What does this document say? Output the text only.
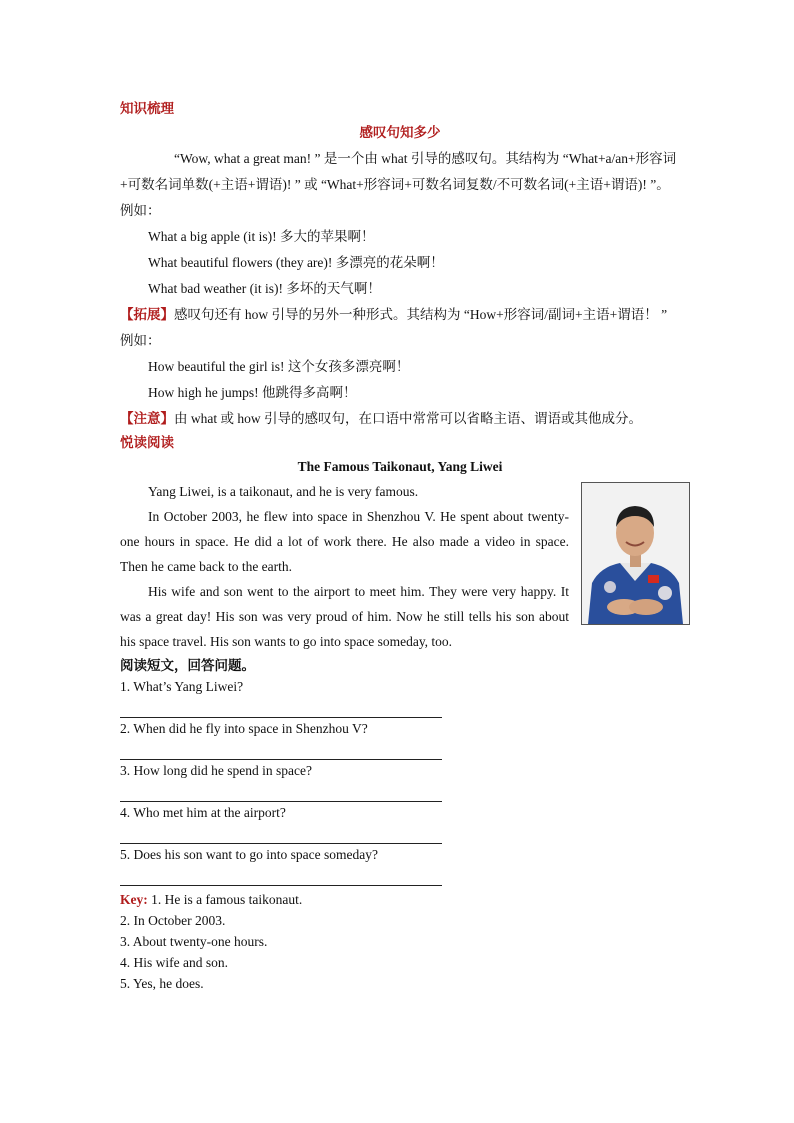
知识梳理
感叹句知多少
“Wow, what a great man! ” 是一个由 what 引导的感叹句。其结构为 “What+a/an+形容词+可数名词单数(+主语+谓语)! ” 或 “What+形容词+可数名词复数/不可数名词(+主语+谓语)! ”。例如：
What a big apple (it is)! 多大的苹果啊！
What beautiful flowers (they are)! 多漂亮的花朵啊！
What bad weather (it is)! 多坏的天气啊！
【拓展】感叹句还有 how 引导的另外一种形式。其结构为 “How+形容词/副词+主语+谓语！ ”
例如：
How beautiful the girl is! 这个女孩多漂亮啊！
How high he jumps! 他跳得多高啊！
【注意】由 what 或 how 引导的感叹句，在口语中常常可以省略主语、谓语或其他成分。
悦读阅读
The Famous Taikonaut, Yang Liwei

Yang Liwei, is a taikonaut, and he is very famous.

In October 2003, he flew into space in Shenzhou V. He spent about twenty-one hours in space. He did a lot of work there. He also made a video in space. Then he came back to the earth.

His wife and son went to the airport to meet him. They were very happy. It was a great day! His son was very proud of him. Now he still tells his son about his space travel. His son wants to go into space someday, too.

阅读短文，回答问题。
1. What’s Yang Liwei?
2. When did he fly into space in Shenzhou V?
3. How long did he spend in space?
4. Who met him at the airport?
5. Does his son want to go into space someday?
Key: 1. He is a famous taikonaut.
2. In October 2003.
3. About twenty-one hours.
4. His wife and son.
5. Yes, he does.
